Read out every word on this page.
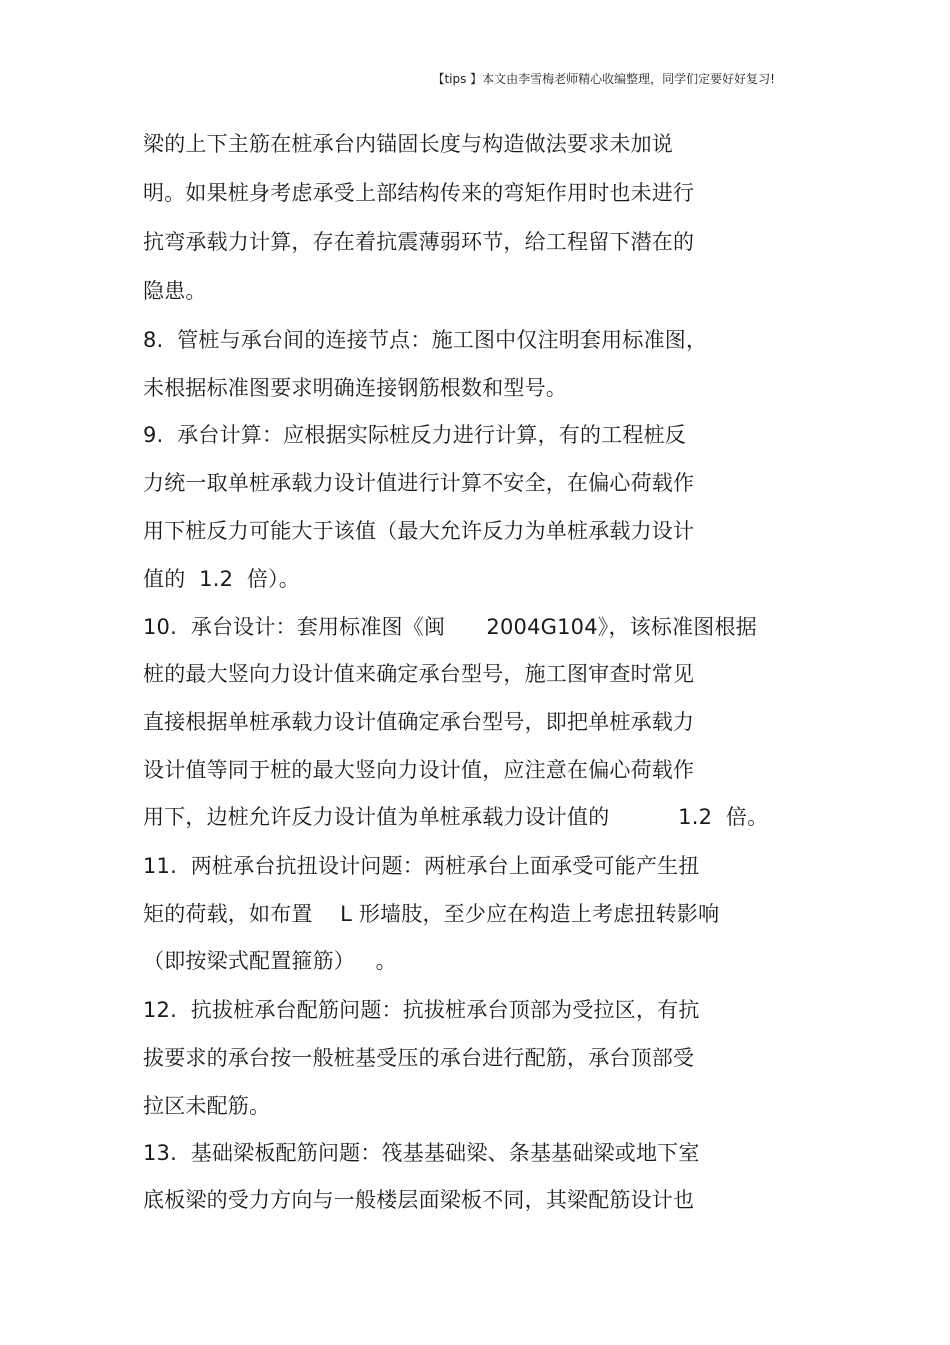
【tips 】本文由李雪梅老师精心收编整理，同学们定要好好复习!
梁的上下主筋在桩承台内锚固长度与构造做法要求未加说
明。如果桩身考虑承受上部结构传来的弯矩作用时也未进行
抗弯承载力计算，存在着抗震薄弱环节，给工程留下潜在的
隐患。
8.  管桩与承台间的连接节点：施工图中仅注明套用标准图，
未根据标准图要求明确连接钢筋根数和型号。
9.  承台计算：应根据实际桩反力进行计算，有的工程桩反
力统一取单桩承载力设计值进行计算不安全，在偏心荷载作
用下桩反力可能大于该值（最大允许反力为单桩承载力设计
值的  1.2  倍）。
10.  承台设计：套用标准图《闽      2004G104》，该标准图根据
桩的最大竖向力设计值来确定承台型号，施工图审查时常见
直接根据单桩承载力设计值确定承台型号，即把单桩承载力
设计值等同于桩的最大竖向力设计值，应注意在偏心荷载作
用下，边桩允许反力设计值为单桩承载力设计值的          1.2  倍。
11.  两桩承台抗扭设计问题：两桩承台上面承受可能产生扭
矩的荷载，如布置    L 形墙肢，至少应在构造上考虑扭转影响
（即按梁式配置箍筋）   。
12.  抗拔桩承台配筋问题：抗拔桩承台顶部为受拉区，有抗
拔要求的承台按一般桩基受压的承台进行配筋，承台顶部受
拉区未配筋。
13.  基础梁板配筋问题：筏基基础梁、条基基础梁或地下室
底板梁的受力方向与一般楼层面梁板不同，其梁配筋设计也
